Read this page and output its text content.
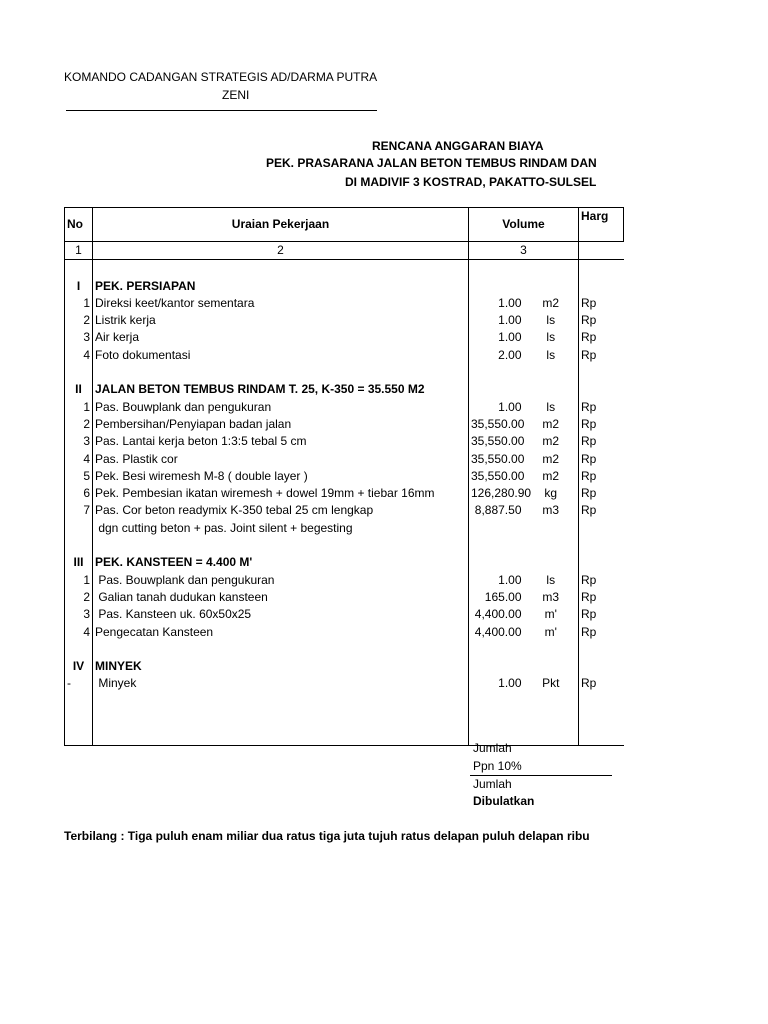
KOMANDO CADANGAN STRATEGIS AD/DARMA PUTRA
ZENI
RENCANA ANGGARAN BIAYA
PEK. PRASARANA JALAN BETON TEMBUS RINDAM DAN
DI MADIVIF 3 KOSTRAD, PAKATTO-SULSEL
No	Uraian Pekerjaan	Volume		Harg
1	2	3		

I	PEK. PERSIAPAN			
1	Direksi keet/kantor sementara	1.00	m2	Rp
2	Listrik kerja	1.00	ls	Rp
3	Air kerja	1.00	ls	Rp
4	Foto dokumentasi	2.00	ls	Rp

II	JALAN BETON TEMBUS RINDAM T. 25, K-350 = 35.550 M2			
1	Pas. Bouwplank dan pengukuran	1.00	ls	Rp
2	Pembersihan/Penyiapan badan jalan	35,550.00	m2	Rp
3	Pas. Lantai kerja beton 1:3:5 tebal 5 cm	35,550.00	m2	Rp
4	Pas. Plastik cor	35,550.00	m2	Rp
5	Pek. Besi wiremesh M-8 ( double layer )	35,550.00	m2	Rp
6	Pek. Pembesian ikatan wiremesh + dowel 19mm + tiebar 16mm	126,280.90	kg	Rp
7	Pas. Cor beton readymix K-350 tebal 25 cm lengkap	8,887.50	m3	Rp
	dgn cutting beton + pas. Joint silent + begesting			

III	PEK. KANSTEEN = 4.400 M'			
1	Pas. Bouwplank dan pengukuran	1.00	ls	Rp
2	Galian tanah dudukan kansteen	165.00	m3	Rp
3	Pas. Kansteen uk. 60x50x25	4,400.00	m'	Rp
4	Pengecatan Kansteen	4,400.00	m'	Rp

IV	MINYEK			
-	Minyek	1.00	Pkt	Rp

Jumlah
Ppn 10%
Jumlah
Dibulatkan
Terbilang : Tiga puluh enam miliar dua ratus tiga juta tujuh ratus delapan puluh delapan ribu
